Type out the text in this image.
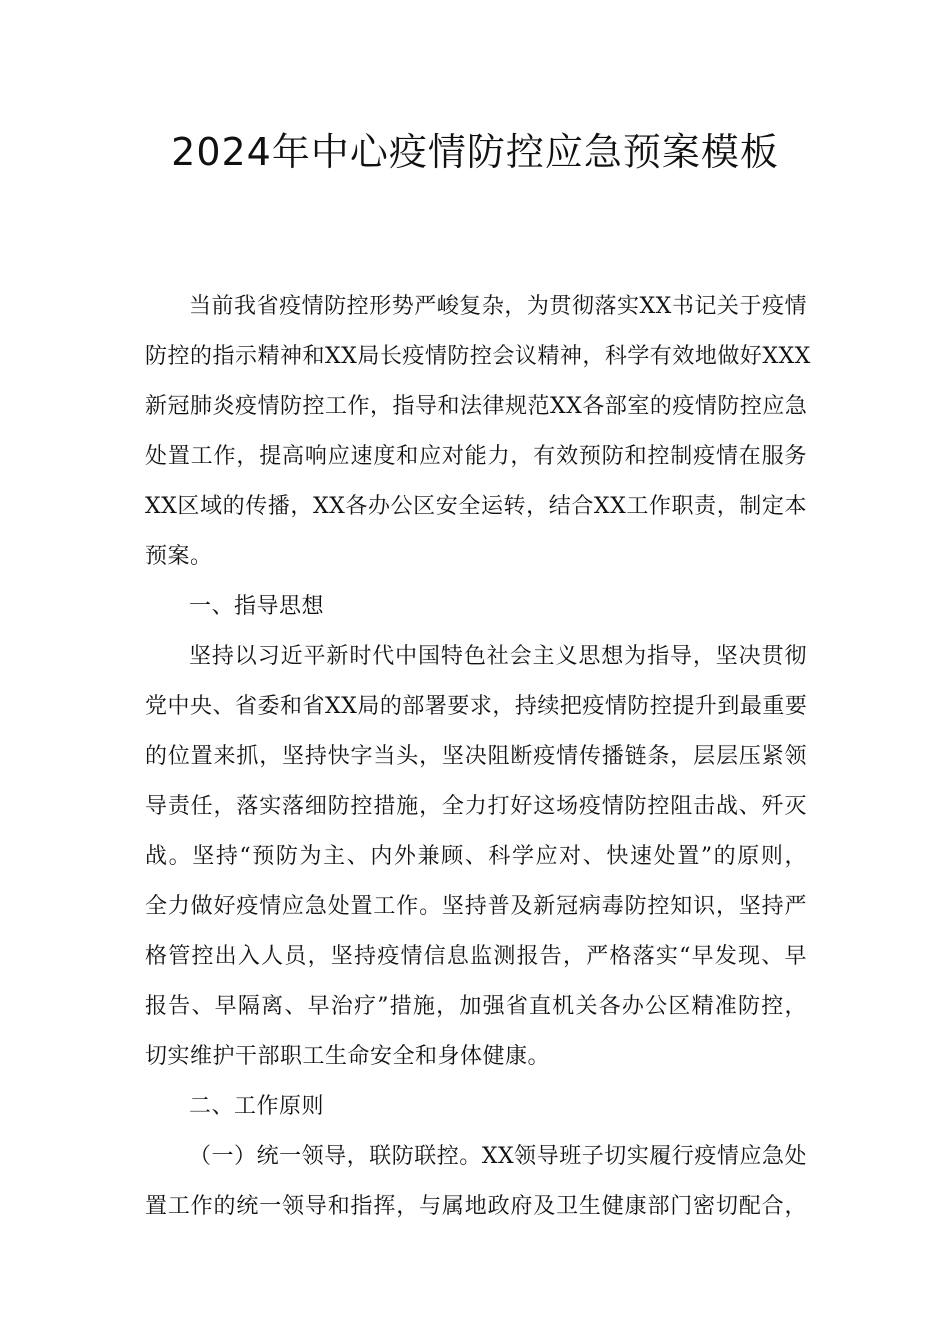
2024年中心疫情防控应急预案模板
当前我省疫情防控形势严峻复杂，为贯彻落实XX书记关于疫情
防控的指示精神和XX局长疫情防控会议精神，科学有效地做好XXX
新冠肺炎疫情防控工作，指导和法律规范XX各部室的疫情防控应急
处置工作，提高响应速度和应对能力，有效预防和控制疫情在服务
XX区域的传播，XX各办公区安全运转，结合XX工作职责，制定本
预案。
一、指导思想
坚持以习近平新时代中国特色社会主义思想为指导，坚决贯彻
党中央、省委和省XX局的部署要求，持续把疫情防控提升到最重要
的位置来抓，坚持快字当头，坚决阻断疫情传播链条，层层压紧领
导责任，落实落细防控措施，全力打好这场疫情防控阻击战、歼灭
战。坚持“预防为主、内外兼顾、科学应对、快速处置”的原则，
全力做好疫情应急处置工作。坚持普及新冠病毒防控知识，坚持严
格管控出入人员，坚持疫情信息监测报告，严格落实“早发现、早
报告、早隔离、早治疗”措施，加强省直机关各办公区精准防控，
切实维护干部职工生命安全和身体健康。
二、工作原则
（一）统一领导，联防联控。XX领导班子切实履行疫情应急处
置工作的统一领导和指挥，与属地政府及卫生健康部门密切配合，
